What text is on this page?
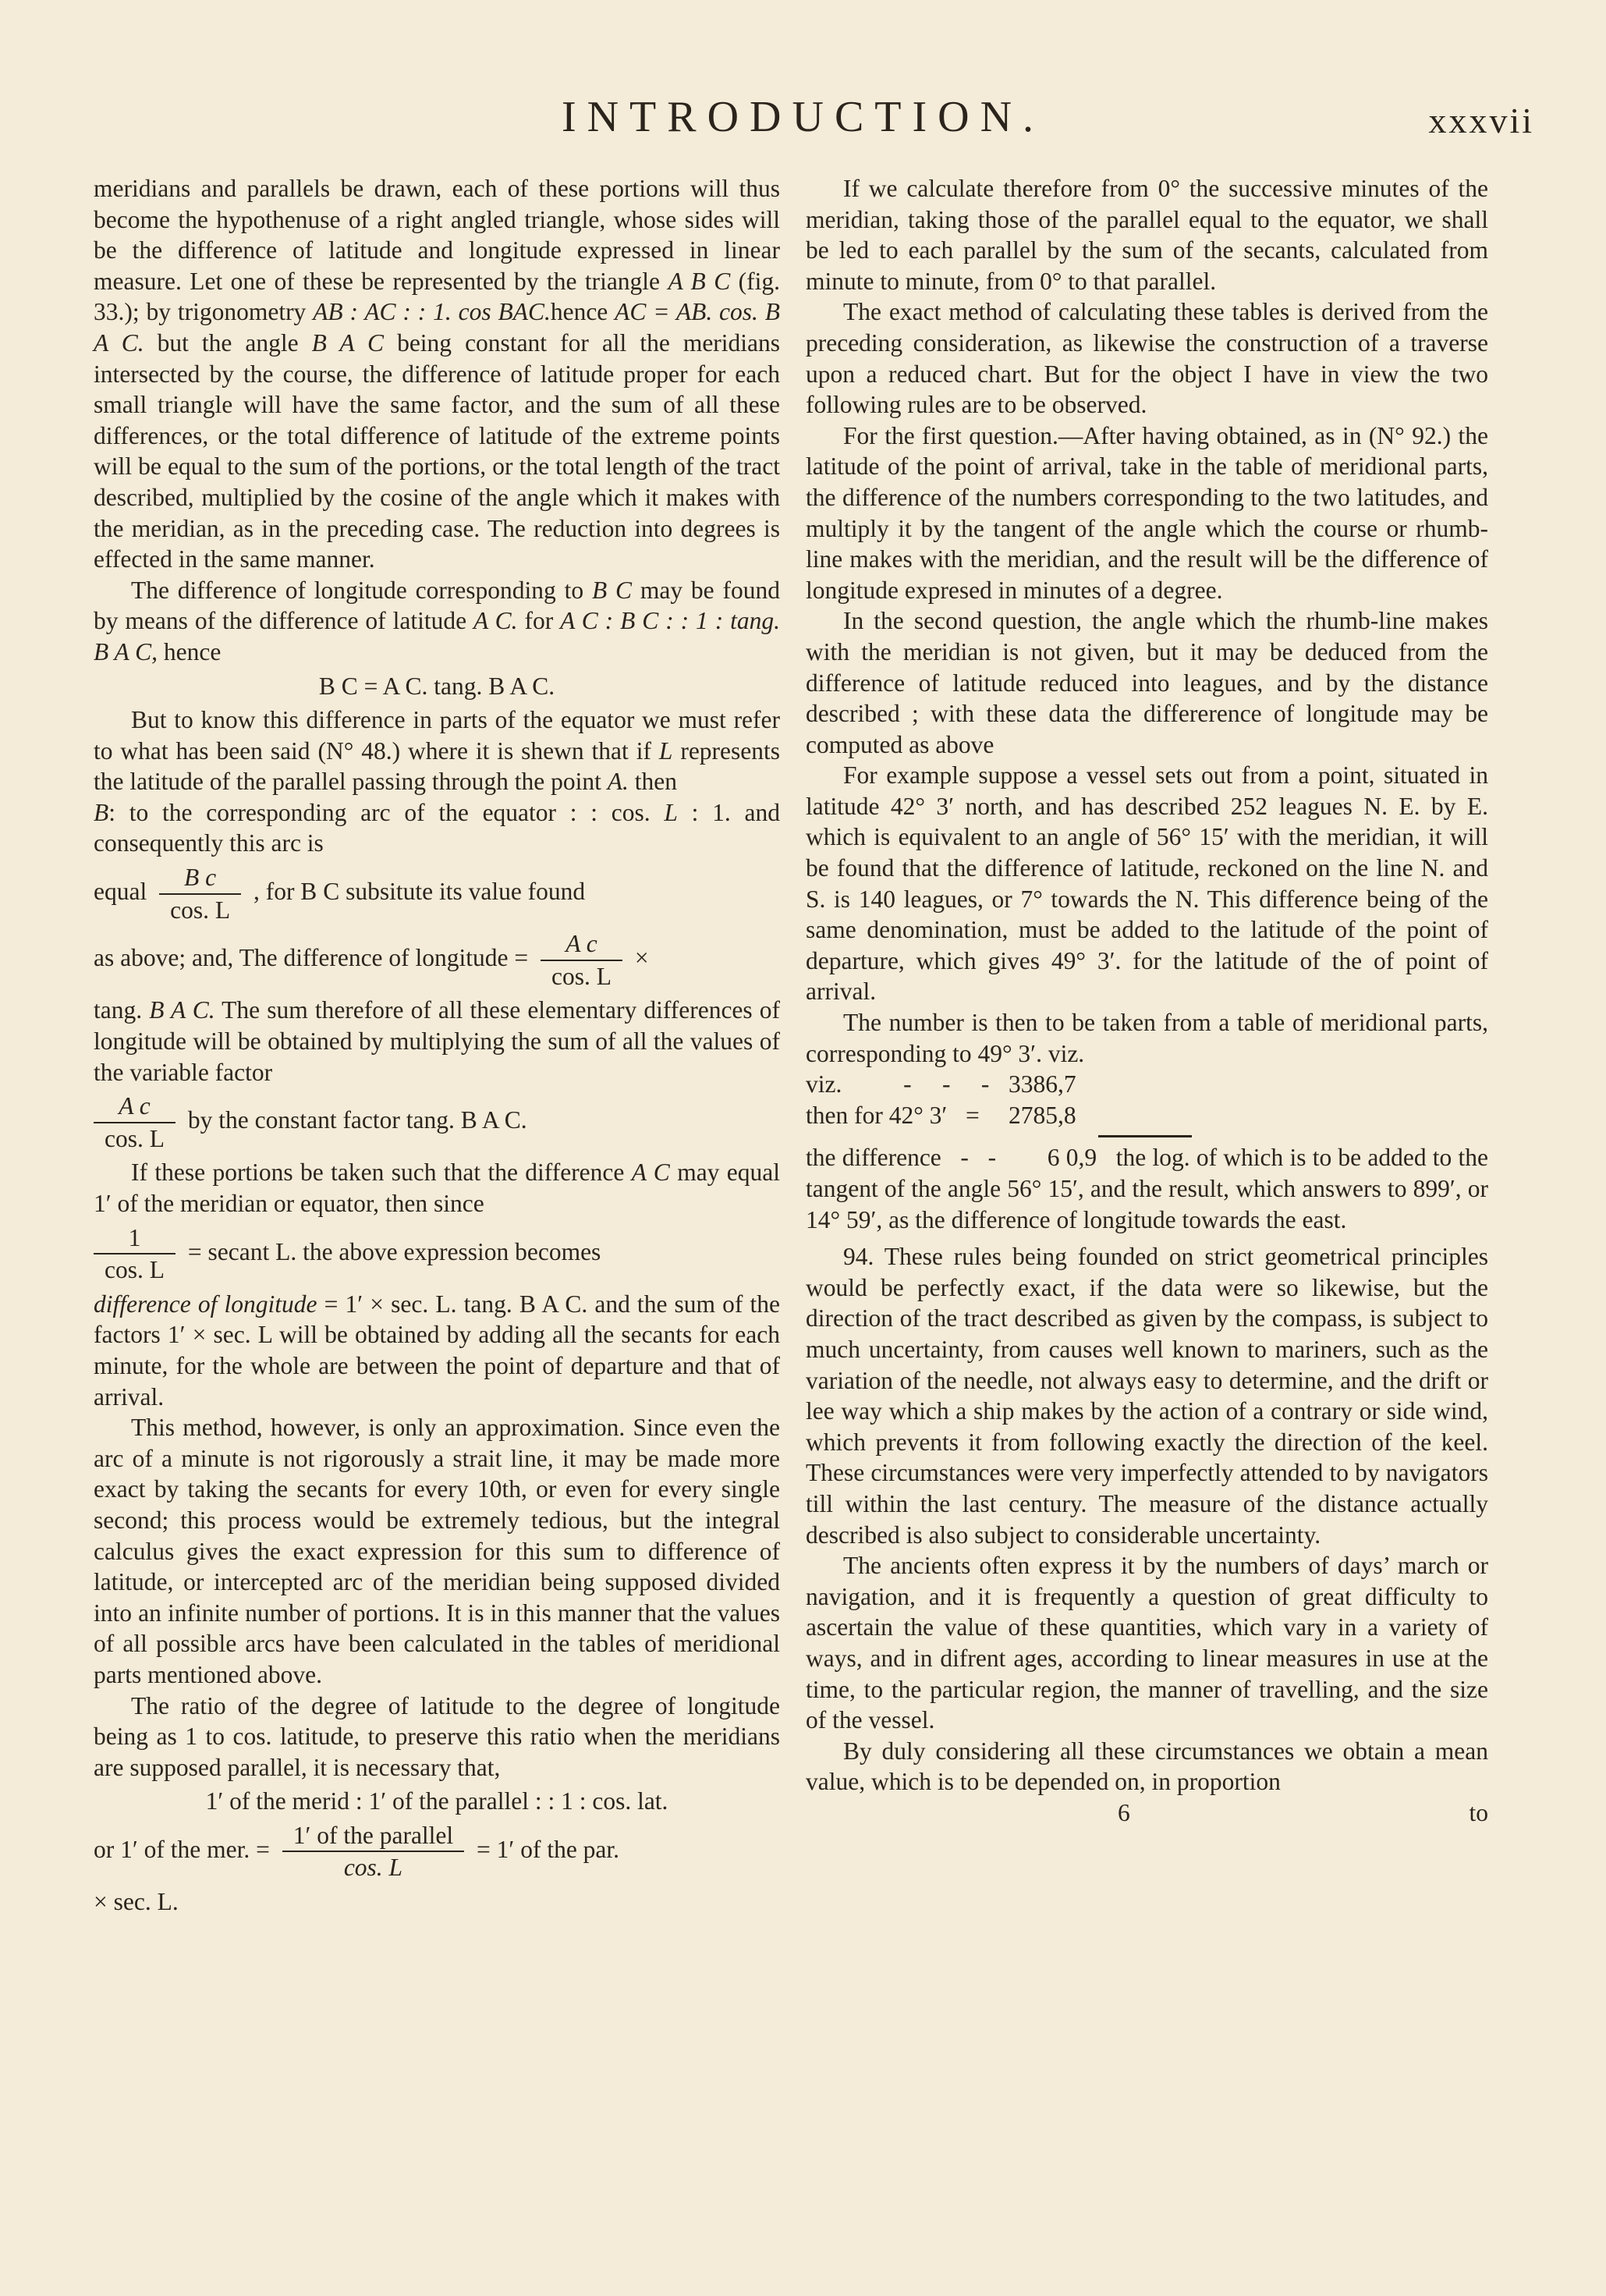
INTRODUCTION.	xxxvii

meridians and parallels be drawn, each of these portions will thus become the hypothenuse of a right angled triangle, whose sides will be the difference of latitude and longitude expressed in linear measure. Let one of these be represented by the triangle A B C (fig. 33.); by trigonometry AB : AC : : 1. cos BAC.hence AC = AB. cos. B A C. but the angle B A C being constant for all the meridians intersected by the course, the difference of latitude proper for each small triangle will have the same factor, and the sum of all these differences, or the total difference of latitude of the extreme points will be equal to the sum of the portions, or the total length of the tract described, multiplied by the cosine of the angle which it makes with the meridian, as in the preceding case. The reduction into degrees is effected in the same manner.

The difference of longitude corresponding to B C may be found by means of the difference of latitude A C. for A C : B C : : 1 : tang. B A C, hence

B C = A C. tang. B A C.

But to know this difference in parts of the equator we must refer to what has been said (N° 48.) where it is shewn that if L represents the latitude of the parallel passing through the point A. then
B: to the corresponding arc of the equator : : cos. L : 1. and consequently this arc is

equal $\frac{\text{B c}}{\cos. L}$ , for B C subsitute its value found
as above; and, The difference of longitude = $\frac{\text{A c}}{\cos. L}$ ×

tang. B A C. The sum therefore of all these elementary differences of longitude will be obtained by multiplying the sum of all the values of the variable factor

$\frac{\text{A c}}{\cos. L}$ by the constant factor tang. B A C.

If these portions be taken such that the difference A C may equal 1′ of the meridian or equator, then since

$\frac{1}{\cos. L}$ = secant L. the above expression becomes

difference of longitude = 1′ × sec. L. tang. B A C. and the sum of the factors 1′ × sec. L will be obtained by adding all the secants for each minute, for the whole are between the point of departure and that of arrival.

This method, however, is only an approximation. Since even the arc of a minute is not rigorously a strait line, it may be made more exact by taking the secants for every 10th, or even for every single second; this process would be extremely tedious, but the integral calculus gives the exact expression for this sum to difference of latitude, or intercepted arc of the meridian being supposed divided into an infinite number of portions. It is in this manner that the values of all possible arcs have been calculated in the tables of meridional parts mentioned above.

The ratio of the degree of latitude to the degree of longitude being as 1 to cos. latitude, to preserve this ratio when the meridians are supposed parallel, it is necessary that,

1′ of the merid : 1′ of the parallel : : 1 : cos. lat.

or 1′ of the mer. = $\frac{\text{1′ of the parallel}}{\cos. L} = 1'$ of the par.

× sec. L.

If we calculate therefore from 0° the successive minutes of the meridian, taking those of the parallel equal to the equator, we shall be led to each parallel by the sum of the secants, calculated from minute to minute, from 0° to that parallel.

The exact method of calculating these tables is derived from the preceding consideration, as likewise the construction of a traverse upon a reduced chart. But for the object I have in view the two following rules are to be observed.

For the first question.—After having obtained, as in (N° 92.) the latitude of the point of arrival, take in the table of meridional parts, the difference of the numbers corresponding to the two latitudes, and multiply it by the tangent of the angle which the course or rhumb-line makes with the meridian, and the result will be the difference of longitude expresed in minutes of a degree.

In the second question, the angle which the rhumb-line makes with the meridian is not given, but it may be deduced from the difference of latitude reduced into leagues, and by the distance described ; with these data the differerence of longitude may be computed as above

For example suppose a vessel sets out from a point, situated in latitude 42° 3′ north, and has described 252 leagues N. E. by E. which is equivalent to an angle of 56° 15′ with the meridian, it will be found that the difference of latitude, reckoned on the line N. and S. is 140 leagues, or 7° towards the N. This difference being of the same denomination, must be added to the latitude of the point of departure, which gives 49° 3′. for the latitude of the of point of arrival.

The number is then to be taken from a table of meridional parts, corresponding to 49° 3′. viz.

viz.          -     -     - 3386,7
then for 42° 3′   =	2785,8

the difference   -   -        6 0,9   the log. of which is to be added to the tangent of the angle 56° 15′, and the result, which answers to 899′, or 14° 59′, as the difference of longitude towards the east.

94. These rules being founded on strict geometrical principles would be perfectly exact, if the data were so likewise, but the direction of the tract described as given by the compass, is subject to much uncertainty, from causes well known to mariners, such as the variation of the needle, not always easy to determine, and the drift or lee way which a ship makes by the action of a contrary or side wind, which prevents it from following exactly the direction of the keel. These circumstances were very imperfectly attended to by navigators till within the last century. The measure of the distance actually described is also subject to considerable uncertainty.

The ancients often express it by the numbers of days’ march or navigation, and it is frequently a question of great difficulty to ascertain the value of these quantities, which vary in a variety of ways, and in difrent ages, according to linear measures in use at the time, to the particular region, the manner of travelling, and the size of the vessel.

By duly considering all these circumstances we obtain a mean value, which is to be depended on, in proportion

6	to
